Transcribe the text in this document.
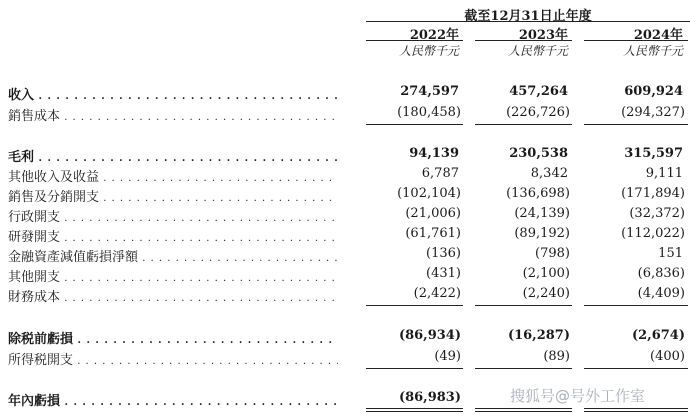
截至12月31日止年度
2022年	2023年	2024年
人民幣千元	人民幣千元	人民幣千元
收入 . . .	274,597	457,264	609,924
銷售成本 . . .	(180,458)	(226,726)	(294,327)
毛利 . . .	94,139	230,538	315,597
其他收入及收益 . . .	6,787	8,342	9,111
銷售及分銷開支 . . .	(102,104)	(136,698)	(171,894)
行政開支 . . .	(21,006)	(24,139)	(32,372)
研發開支 . . .	(61,761)	(89,192)	(112,022)
金融資產減值虧損淨額 . . .	(136)	(798)	151
其他開支 . . .	(431)	(2,100)	(6,836)
財務成本 . . .	(2,422)	(2,240)	(4,409)
除税前虧損 . . .	(86,934)	(16,287)	(2,674)
所得税開支 . . .	(49)	(89)	(400)
年內虧損 . . .	(86,983)	搜狐号@号外工作室
